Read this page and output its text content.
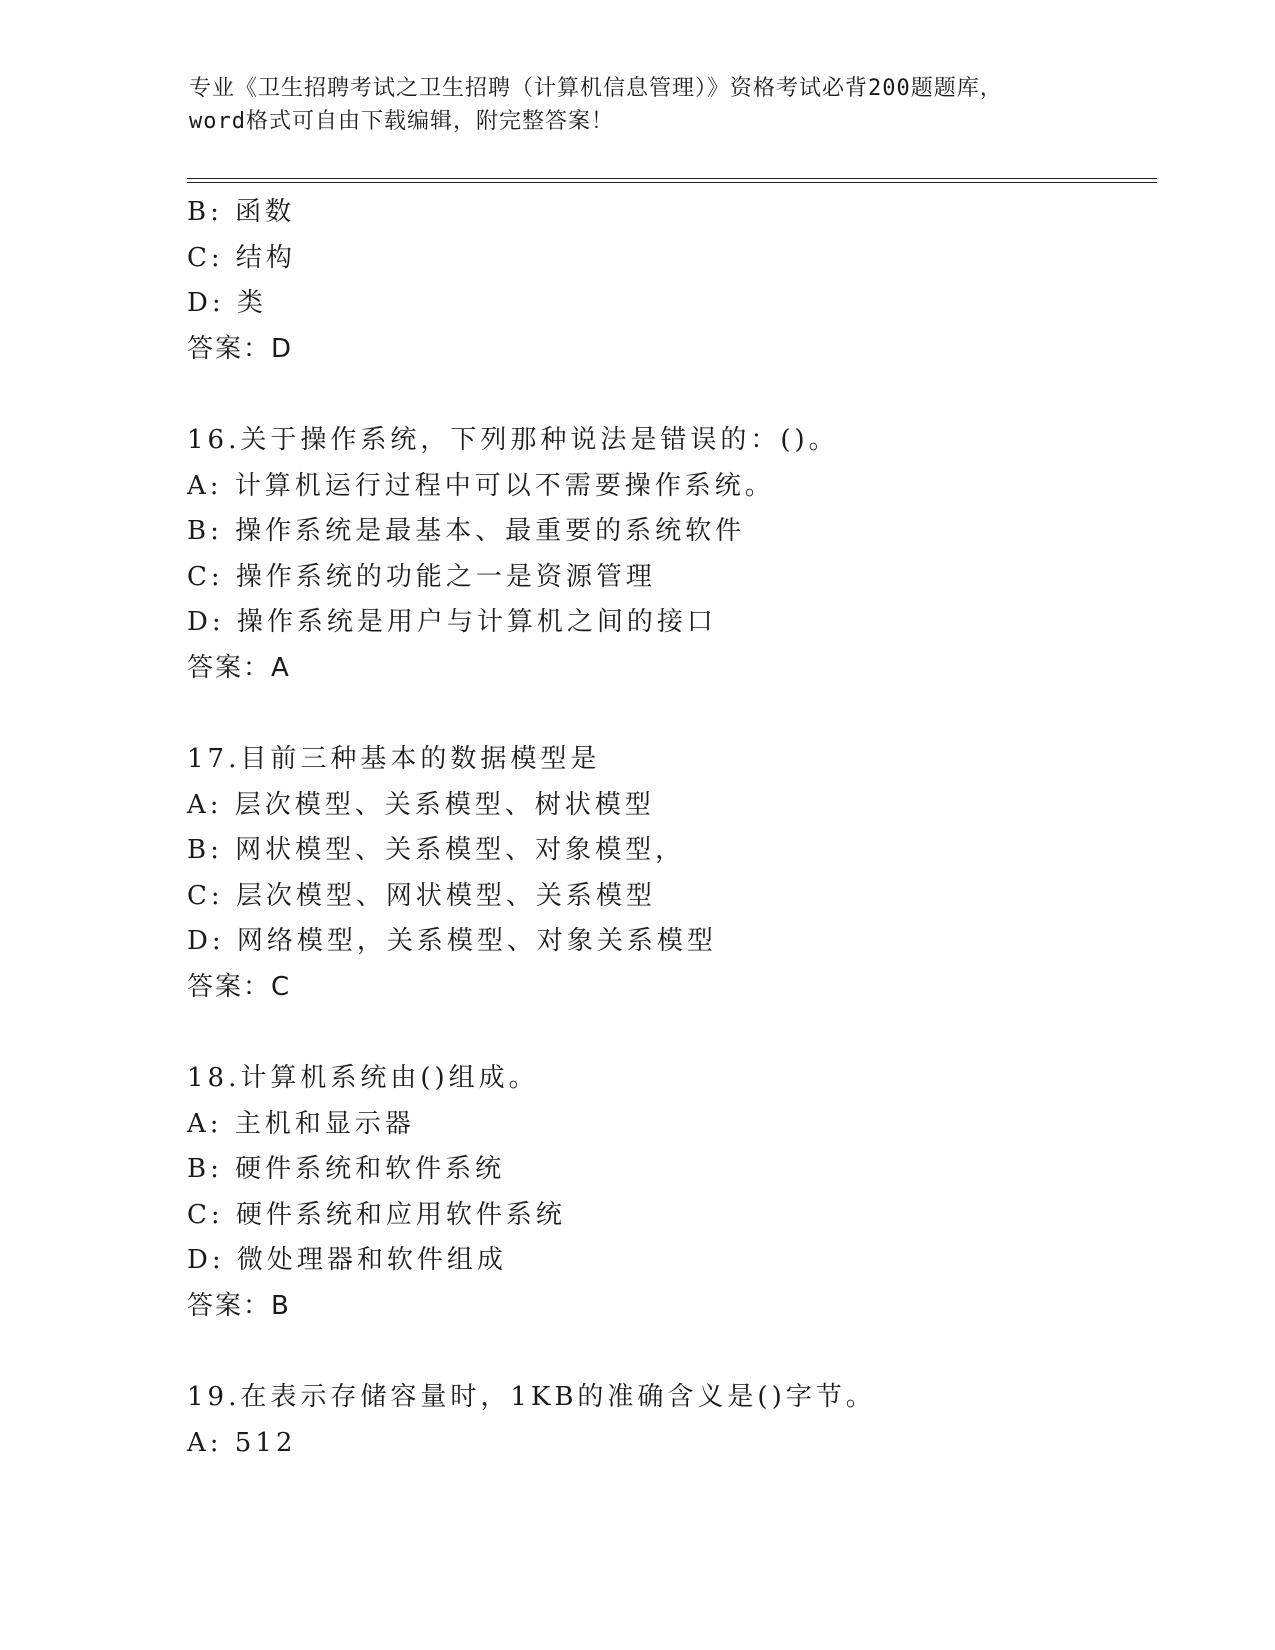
专业《卫生招聘考试之卫生招聘（计算机信息管理）》资格考试必背200题题库，
word格式可自由下载编辑，附完整答案！
B: 函数
C: 结构
D: 类
答案：D
16.关于操作系统，下列那种说法是错误的：()。
A: 计算机运行过程中可以不需要操作系统。
B: 操作系统是最基本、最重要的系统软件
C: 操作系统的功能之一是资源管理
D: 操作系统是用户与计算机之间的接口
答案：A
17.目前三种基本的数据模型是
A: 层次模型、关系模型、树状模型
B: 网状模型、关系模型、对象模型，
C: 层次模型、网状模型、关系模型
D: 网络模型，关系模型、对象关系模型
答案：C
18.计算机系统由()组成。
A: 主机和显示器
B: 硬件系统和软件系统
C: 硬件系统和应用软件系统
D: 微处理器和软件组成
答案：B
19.在表示存储容量时，1KB的准确含义是()字节。
A: 512
